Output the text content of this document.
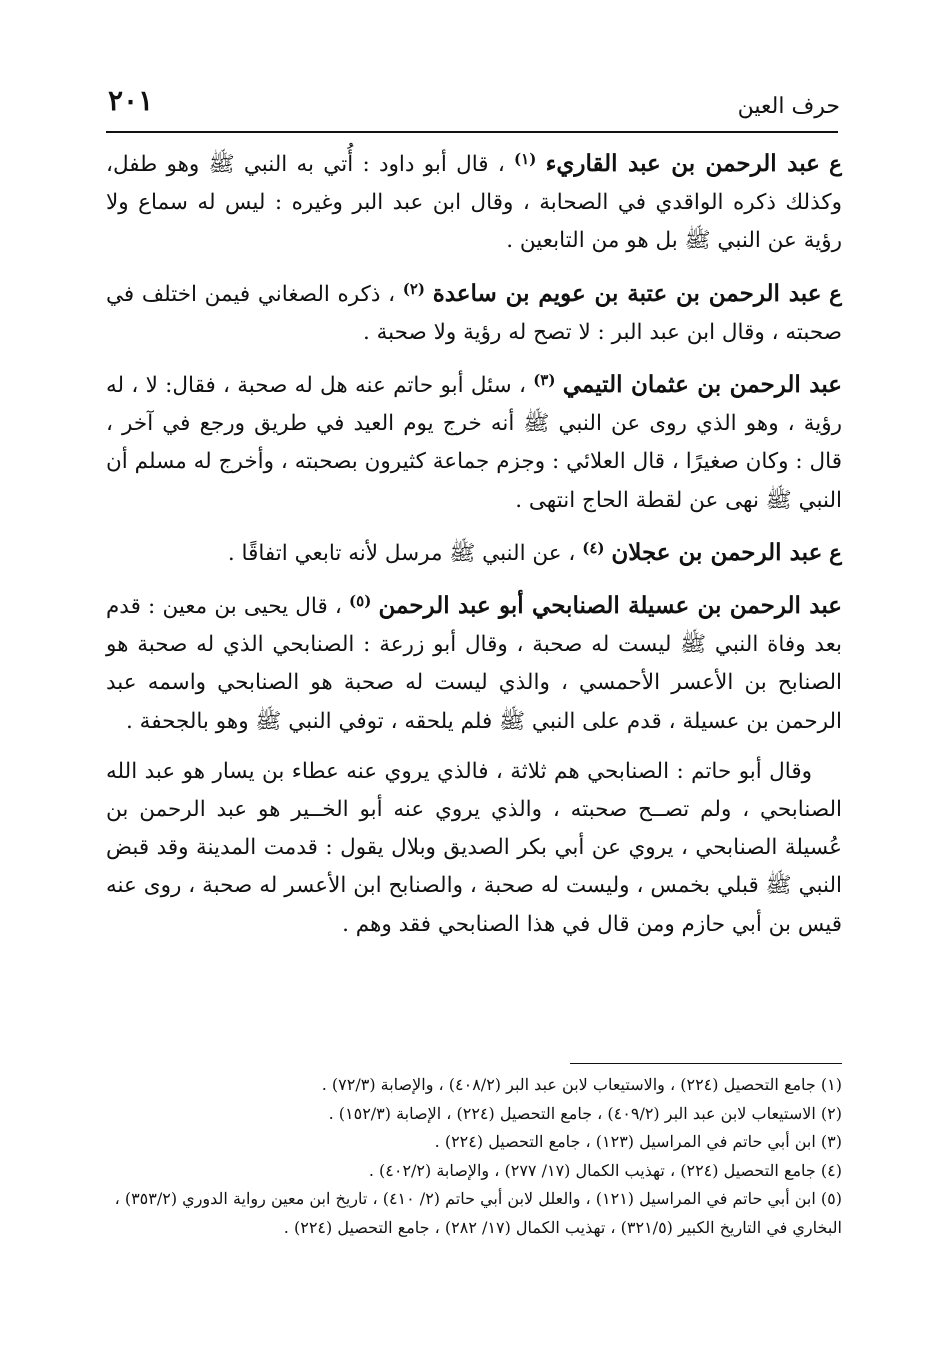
٢٠١	حرف العين

ع عبد الرحمن بن عبد القاريء $^{(١)}$ ، قال أبو داود : أُتي به النبي ﷺ وهو طفل، وكذلك ذكره الواقدي في الصحابة ، وقال ابن عبد البر وغيره : ليس له سماع ولا رؤية عن النبي ﷺ بل هو من التابعين .

ع عبد الرحمن بن عتبة بن عويم بن ساعدة $^{(٢)}$ ، ذكره الصغاني فيمن اختلف في صحبته ، وقال ابن عبد البر : لا تصح له رؤية ولا صحبة .

عبد الرحمن بن عثمان التيمي $^{(٣)}$ ، سئل أبو حاتم عنه هل له صحبة ، فقال: لا ، له رؤية ، وهو الذي روى عن النبي ﷺ أنه خرج يوم العيد في طريق ورجع في آخر ، قال : وكان صغيرًا ، قال العلائي : وجزم جماعة كثيرون بصحبته ، وأخرج له مسلم أن النبي ﷺ نهى عن لقطة الحاج انتهى .

ع عبد الرحمن بن عجلان $^{(٤)}$ ، عن النبي ﷺ مرسل لأنه تابعي اتفاقًا .

عبد الرحمن بن عسيلة الصنابحي أبو عبد الرحمن $^{(٥)}$ ، قال يحيى بن معين : قدم بعد وفاة النبي ﷺ ليست له صحبة ، وقال أبو زرعة : الصنابحي الذي له صحبة هو الصنابح بن الأعسر الأحمسي ، والذي ليست له صحبة هو الصنابحي واسمه عبد الرحمن بن عسيلة ، قدم على النبي ﷺ فلم يلحقه ، توفي النبي ﷺ وهو بالجحفة .

وقال أبو حاتم : الصنابحي هم ثلاثة ، فالذي يروي عنه عطاء بن يسار هو عبد الله الصنابحي ، ولم تصــح صحبته ، والذي يروي عنه أبو الخــير هو عبد الرحمن بن عُسيلة الصنابحي ، يروي عن أبي بكر الصديق وبلال يقول : قدمت المدينة وقد قبض النبي ﷺ قبلي بخمس ، وليست له صحبة ، والصنابح ابن الأعسر له صحبة ، روى عنه قيس بن أبي حازم ومن قال في هذا الصنابحي فقد وهم .

(١) جامع التحصيل (٢٢٤) ، والاستيعاب لابن عبد البر (٤٠٨/٢) ، والإصابة (٧٢/٣) .

(٢) الاستيعاب لابن عبد البر (٤٠٩/٢) ، جامع التحصيل (٢٢٤) ، الإصابة (١٥٢/٣) .

(٣) ابن أبي حاتم في المراسيل (١٢٣) ، جامع التحصيل (٢٢٤) .

(٤) جامع التحصيل (٢٢٤) ، تهذيب الكمال (١٧/ ٢٧٧) ، والإصابة (٤٠٢/٢) .

(٥) ابن أبي حاتم في المراسيل (١٢١) ، والعلل لابن أبي حاتم (٢/ ٤١٠) ، تاريخ ابن معين رواية الدوري (٣٥٣/٢) ، البخاري في التاريخ الكبير (٣٢١/٥) ، تهذيب الكمال (١٧/ ٢٨٢) ، جامع التحصيل (٢٢٤) .
